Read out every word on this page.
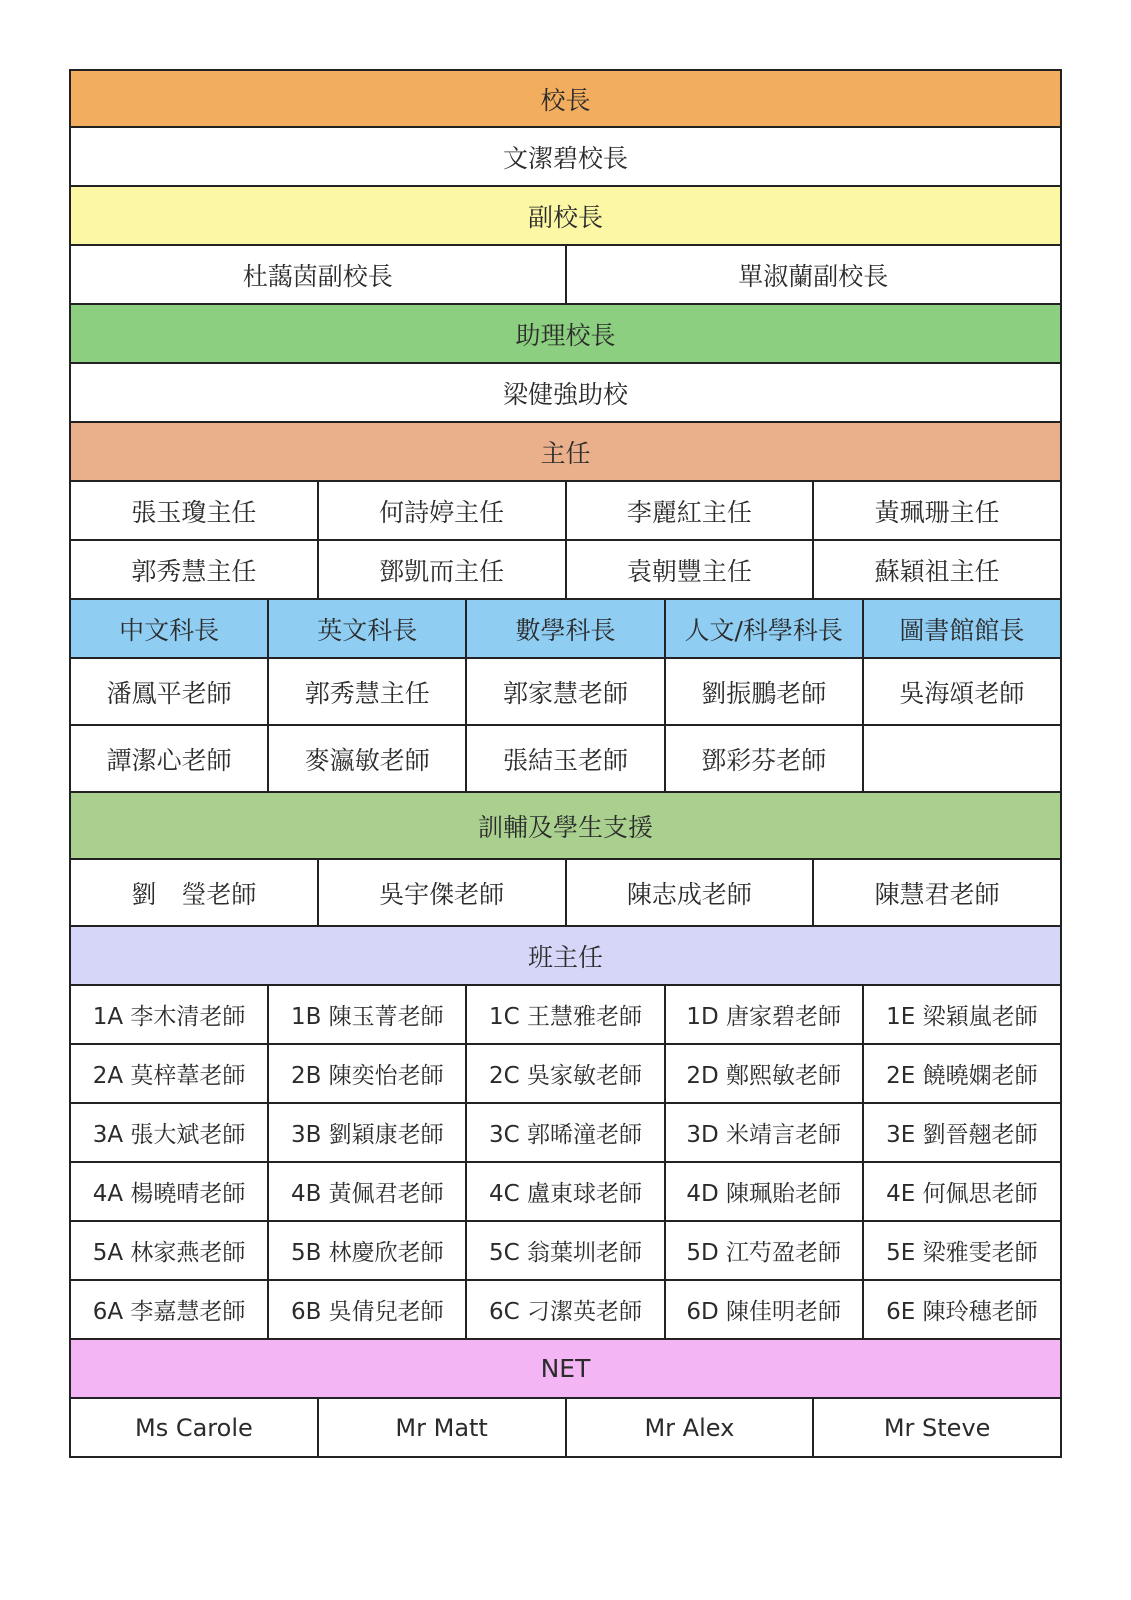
校長
文潔碧校長
副校長
杜藹茵副校長	單淑蘭副校長
助理校長
梁健強助校
主任
張玉瓊主任	何詩婷主任	李麗紅主任	黃珮珊主任
郭秀慧主任	鄧凱而主任	袁朝豐主任	蘇穎祖主任
中文科長	英文科長	數學科長	人文/科學科長	圖書館館長
潘鳳平老師	郭秀慧主任	郭家慧老師	劉振鵬老師	吳海頌老師
譚潔心老師	麥瀛敏老師	張結玉老師	鄧彩芬老師
訓輔及學生支援
劉　瑩老師	吳宇傑老師	陳志成老師	陳慧君老師
班主任
1A 李木清老師	1B 陳玉菁老師	1C 王慧雅老師	1D 唐家碧老師	1E 梁穎嵐老師
2A 莫梓葦老師	2B 陳奕怡老師	2C 吳家敏老師	2D 鄭熙敏老師	2E 饒曉嫻老師
3A 張大斌老師	3B 劉穎康老師	3C 郭晞潼老師	3D 米靖言老師	3E 劉晉翹老師
4A 楊曉晴老師	4B 黃佩君老師	4C 盧東球老師	4D 陳珮貽老師	4E 何佩思老師
5A 林家燕老師	5B 林慶欣老師	5C 翁葉圳老師	5D 江芍盈老師	5E 梁雅雯老師
6A 李嘉慧老師	6B 吳倩兒老師	6C 刁潔英老師	6D 陳佳明老師	6E 陳玲穗老師
NET
Ms Carole	Mr Matt	Mr Alex	Mr Steve
